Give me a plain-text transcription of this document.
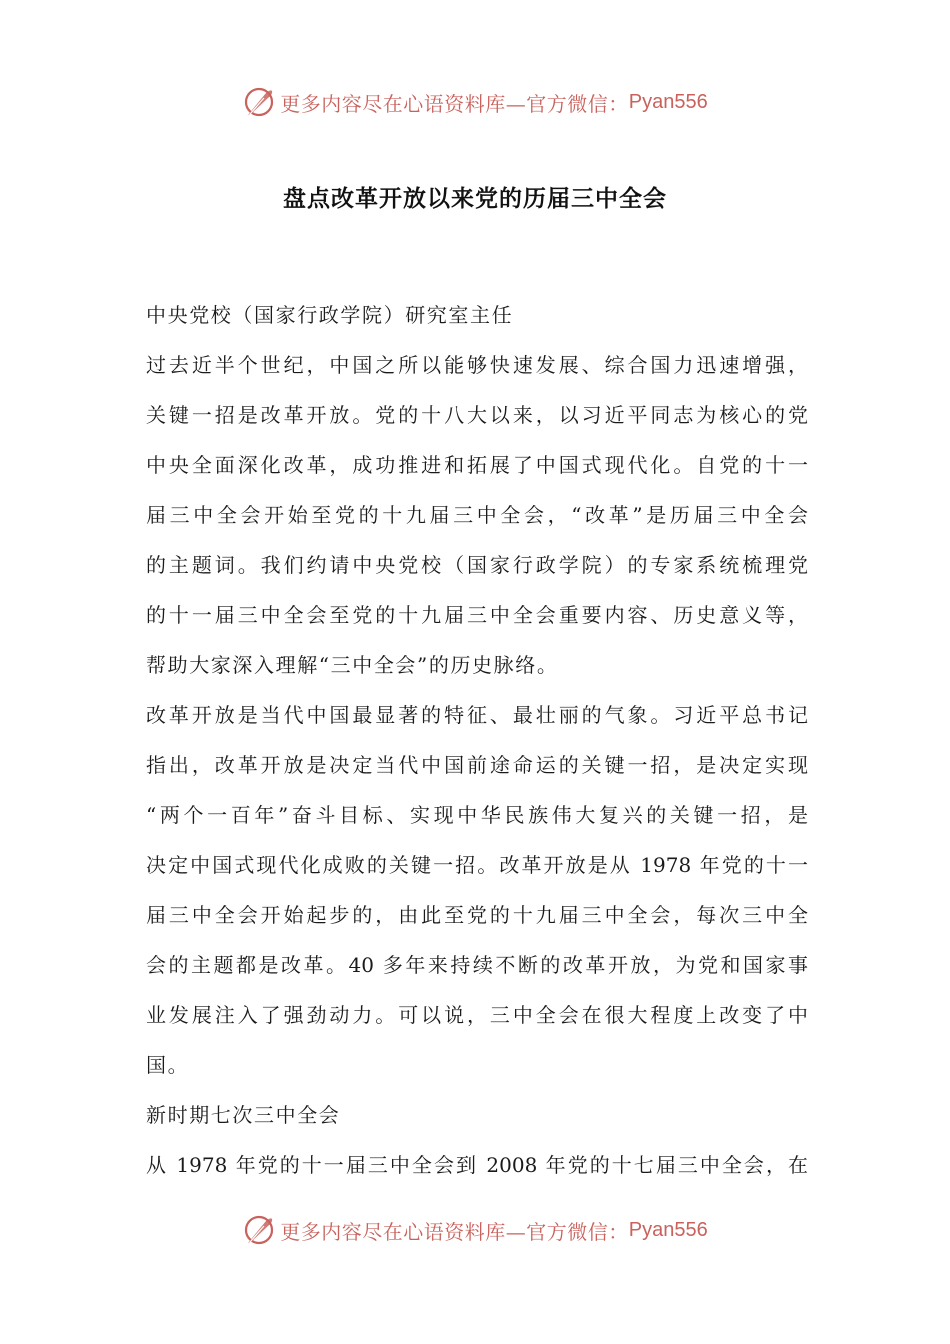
更多内容尽在心语资料库—官方微信： Pyan556
盘点改革开放以来党的历届三中全会
中央党校（国家行政学院）研究室主任
过去近半个世纪，中国之所以能够快速发展、综合国力迅速增强，
关键一招是改革开放。党的十八大以来，以习近平同志为核心的党
中央全面深化改革，成功推进和拓展了中国式现代化。自党的十一
届三中全会开始至党的十九届三中全会，“改革”是历届三中全会
的主题词。我们约请中央党校（国家行政学院）的专家系统梳理党
的十一届三中全会至党的十九届三中全会重要内容、历史意义等，
帮助大家深入理解“三中全会”的历史脉络。
改革开放是当代中国最显著的特征、最壮丽的气象。习近平总书记
指出，改革开放是决定当代中国前途命运的关键一招，是决定实现
“两个一百年”奋斗目标、实现中华民族伟大复兴的关键一招，是
决定中国式现代化成败的关键一招。改革开放是从 1978 年党的十一
届三中全会开始起步的，由此至党的十九届三中全会，每次三中全
会的主题都是改革。40 多年来持续不断的改革开放，为党和国家事
业发展注入了强劲动力。可以说，三中全会在很大程度上改变了中
国。
新时期七次三中全会
从 1978 年党的十一届三中全会到 2008 年党的十七届三中全会，在
更多内容尽在心语资料库—官方微信： Pyan556
